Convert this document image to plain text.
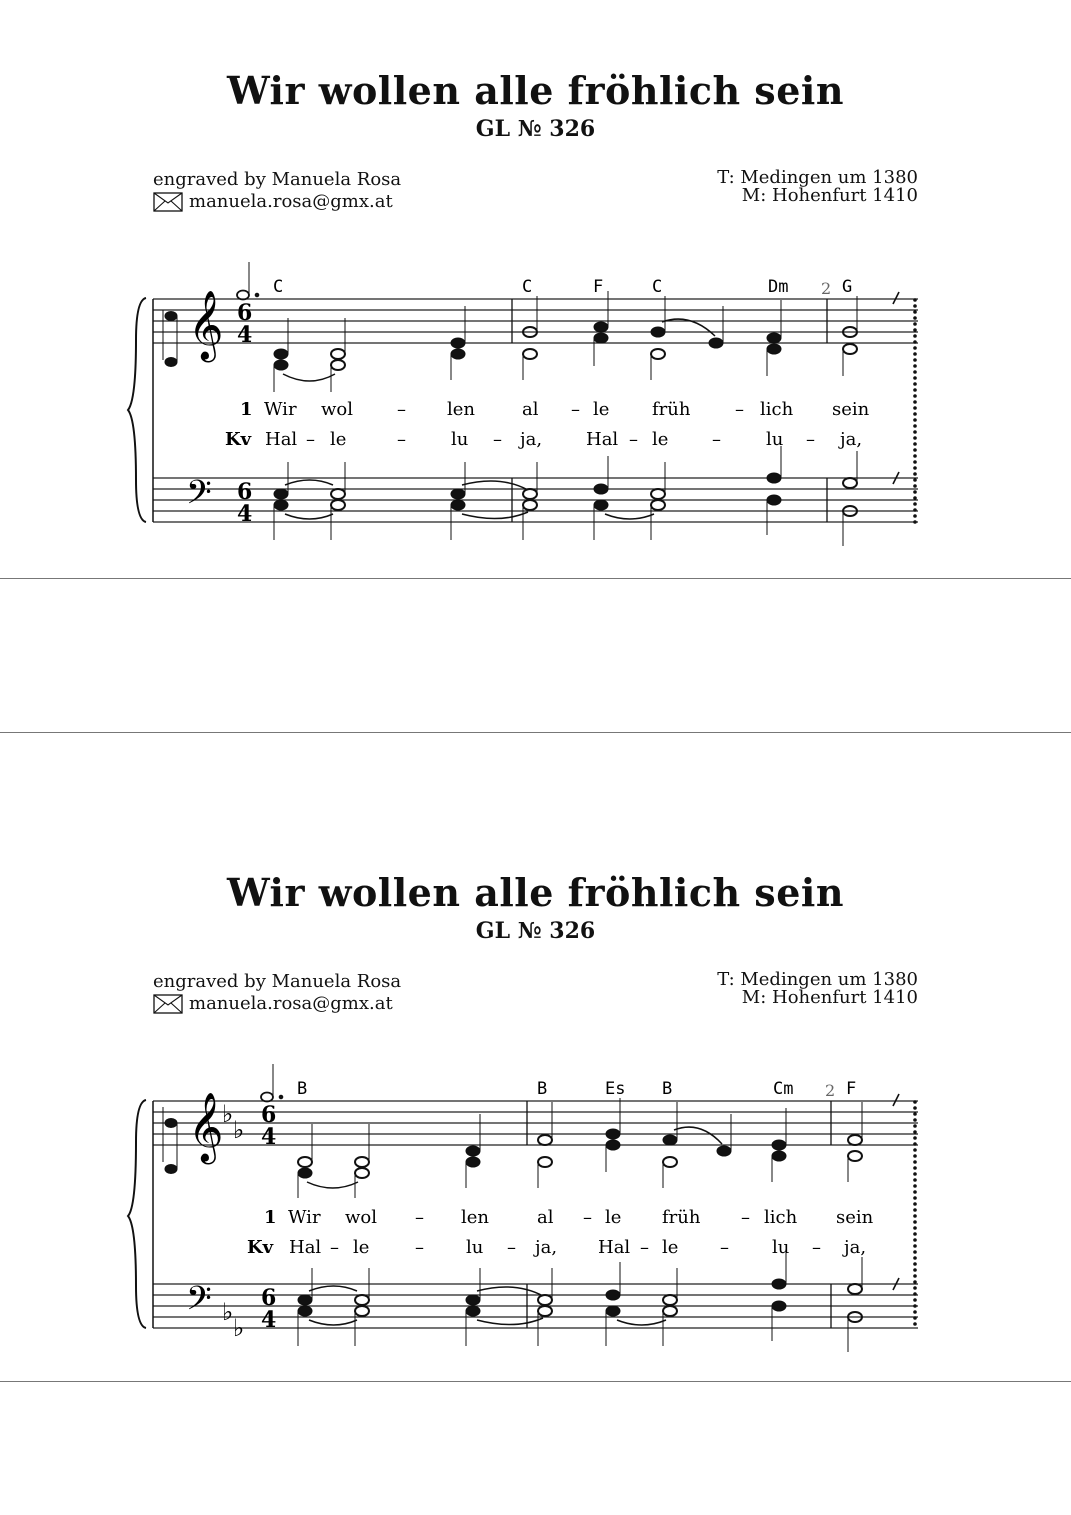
Wir wollen alle fröhlich sein
GL № 326
engraved by Manuela Rosa
manuela.rosa@gmx.at
T: Medingen um 1380
M: Hohenfurt 1410
𝄞
𝄢
6
4
6
4
C	C	F	C	Dm	G
2
1 Wir wol – len	al – le früh – lich sein
Kv Hal – le	–	lu – ja, Hal – le –	lu – ja,
Wir wollen alle fröhlich sein
GL № 326
engraved by Manuela Rosa
manuela.rosa@gmx.at
T: Medingen um 1380
M: Hohenfurt 1410
𝄞
𝄢
♭
♭
♭
♭
6
4
6
4
B	B	Es B	Cm	F
2
1 Wir wol – len	al – le früh – lich sein
Kv Hal – le	– lu – ja, Hal – le – lu – ja,
